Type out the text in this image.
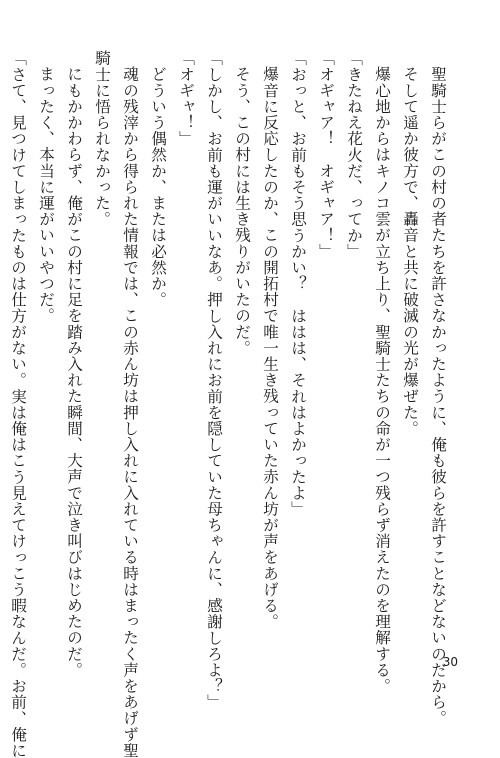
聖騎士らがこの村の者たちを許さなかったように、俺も彼らを許すことなどないのだから。
そして遥か彼方で、轟音と共に破滅の光が爆ぜた。
爆心地からはキノコ雲が立ち上り、聖騎士たちの命が一つ残らず消えたのを理解する。
「きたねえ花火だ、ってか」
「オギャア！　オギャア！」
「おっと、お前もそう思うかい？　ははは、それはよかったよ」
爆音に反応したのか、この開拓村で唯一生き残っていた赤ん坊が声をあげる。
そう、この村には生き残りがいたのだ。
「しかし、お前も運がいいなあ。押し入れにお前を隠していた母ちゃんに、感謝しろよ？」
「オギャ！」
どういう偶然か、または必然か。
魂の残滓から得られた情報では、この赤ん坊は押し入れに入れている時はまったく声をあげず聖
騎士に悟られなかった。
にもかかわらず、俺がこの村に足を踏み入れた瞬間、大声で泣き叫びはじめたのだ。
まったく、本当に運がいいやつだ。
「さて、見つけてしまったものは仕方がない。実は俺はこう見えてけっこう暇なんだ。お前、俺に	30
